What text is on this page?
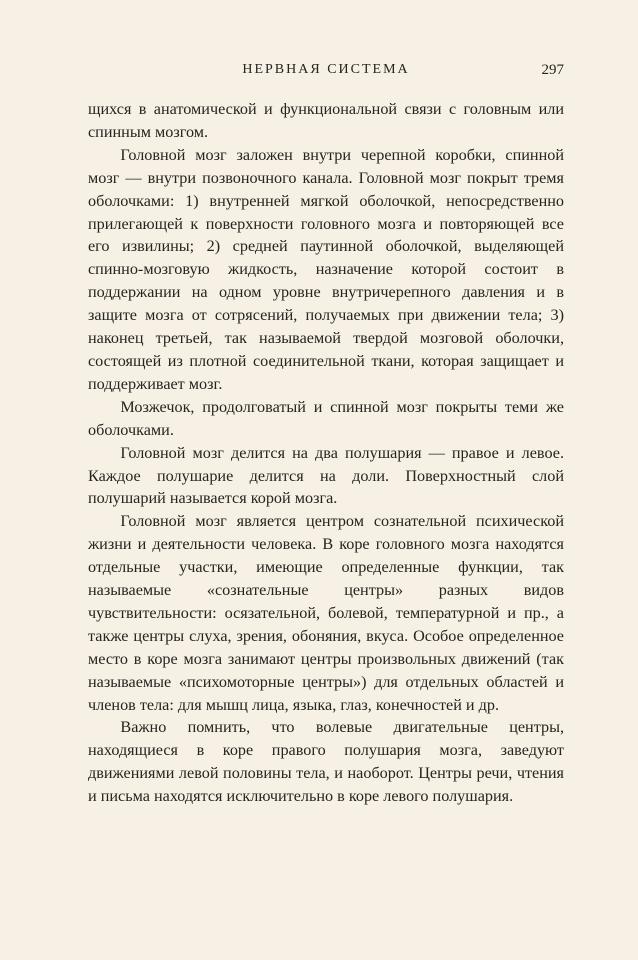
НЕРВНАЯ СИСТЕМА	297

щихся в анатомической и функциональной связи с головным или спинным мозгом.

Головной мозг заложен внутри черепной коробки, спинной мозг — внутри позвоночного канала. Головной мозг покрыт тремя оболочками: 1) внутренней мягкой оболочкой, непосредственно прилегающей к поверхности головного мозга и повторяющей все его извилины; 2) средней паутинной оболочкой, выделяющей спинно-мозговую жидкость, назначение которой состоит в поддержании на одном уровне внутричерепного давления и в защите мозга от сотрясений, получаемых при движении тела; 3) наконец третьей, так называемой твердой мозговой оболочки, состоящей из плотной соединительной ткани, которая защищает и поддерживает мозг.

Мозжечок, продолговатый и спинной мозг покрыты теми же оболочками.

Головной мозг делится на два полушария — правое и левое. Каждое полушарие делится на доли. Поверхностный слой полушарий называется корой мозга.

Головной мозг является центром сознательной психической жизни и деятельности человека. В коре головного мозга находятся отдельные участки, имеющие определенные функции, так называемые «сознательные центры» разных видов чувствительности: осязательной, болевой, температурной и пр., а также центры слуха, зрения, обоняния, вкуса. Особое определенное место в коре мозга занимают центры произвольных движений (так называемые «психомоторные центры») для отдельных областей и членов тела: для мышц лица, языка, глаз, конечностей и др.

Важно помнить, что волевые двигательные центры, находящиеся в коре правого полушария мозга, заведуют движениями левой половины тела, и наоборот. Центры речи, чтения и письма находятся исключительно в коре левого полушария.
